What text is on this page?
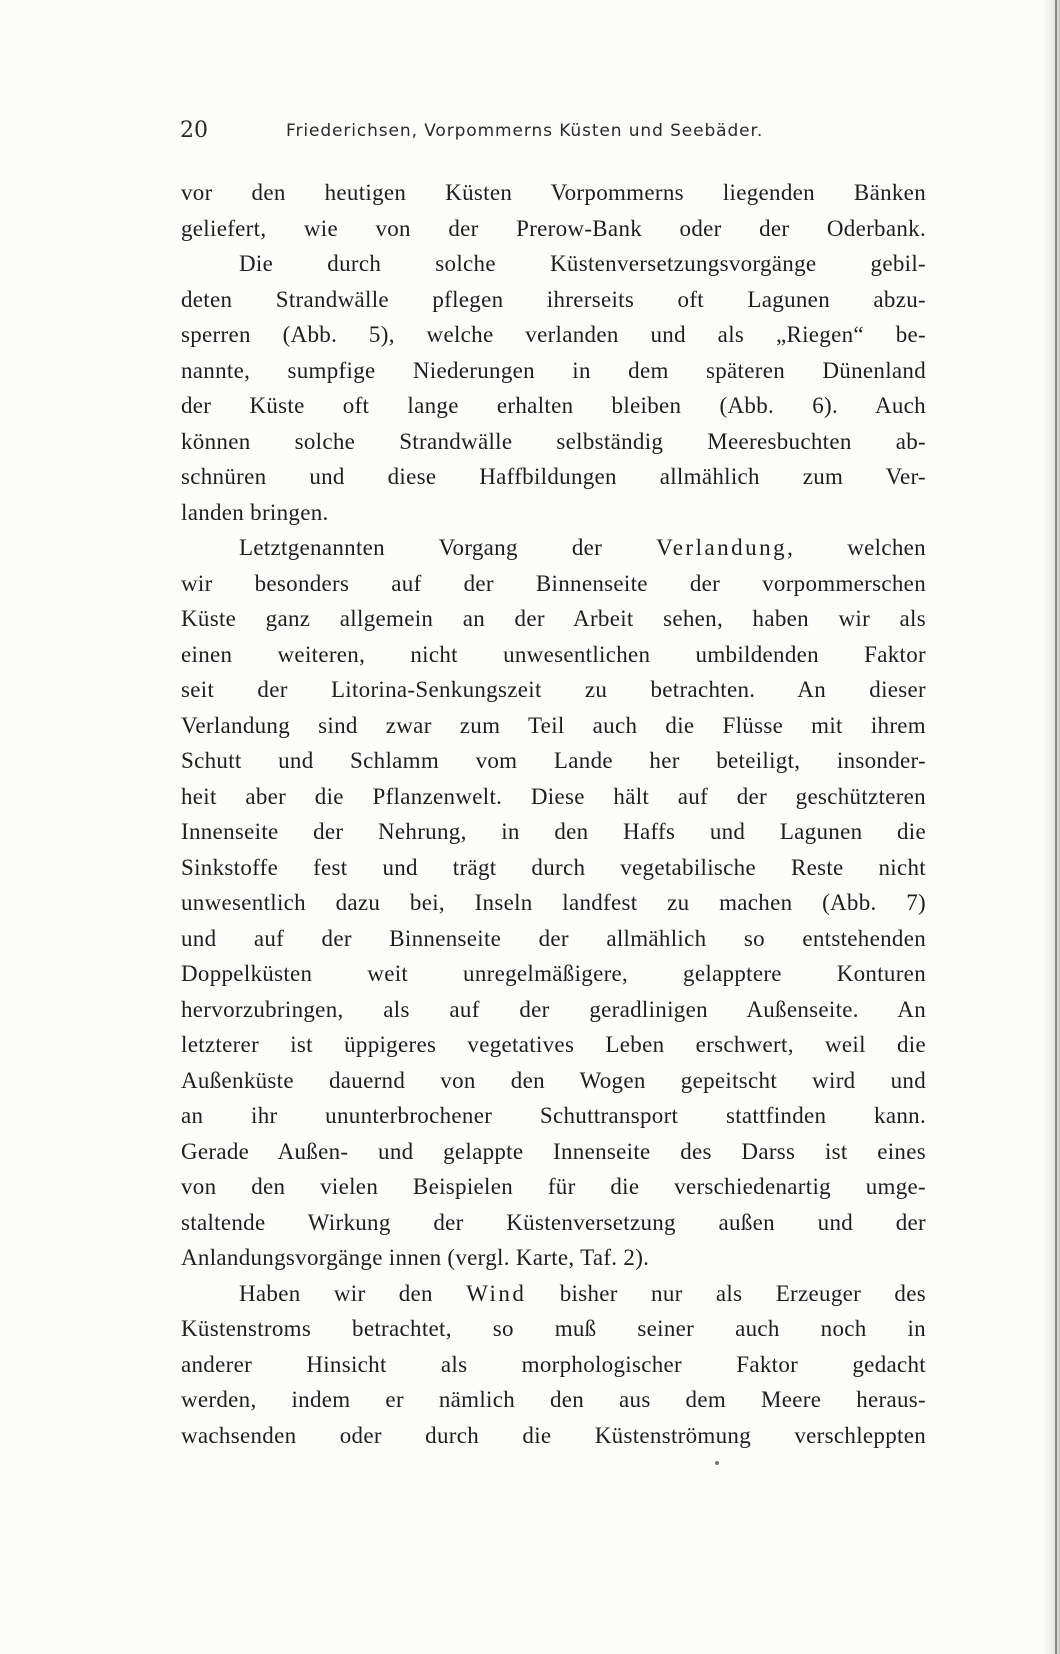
20	Friederichsen, Vorpommerns Küsten und Seebäder.
vor den heutigen Küsten Vorpommerns liegenden Bänken
geliefert, wie von der Prerow-Bank oder der Oderbank.
Die durch solche Küstenversetzungsvorgänge gebil-
deten Strandwälle pflegen ihrerseits oft Lagunen abzu-
sperren (Abb. 5), welche verlanden und als „Riegen“ be-
nannte, sumpfige Niederungen in dem späteren Dünenland
der Küste oft lange erhalten bleiben (Abb. 6). Auch
können solche Strandwälle selbständig Meeresbuchten ab-
schnüren und diese Haffbildungen allmählich zum Ver-
landen bringen.
Letztgenannten Vorgang der Verlandung, welchen
wir besonders auf der Binnenseite der vorpommerschen
Küste ganz allgemein an der Arbeit sehen, haben wir als
einen weiteren, nicht unwesentlichen umbildenden Faktor
seit der Litorina-Senkungszeit zu betrachten. An dieser
Verlandung sind zwar zum Teil auch die Flüsse mit ihrem
Schutt und Schlamm vom Lande her beteiligt, insonder-
heit aber die Pflanzenwelt. Diese hält auf der geschützteren
Innenseite der Nehrung, in den Haffs und Lagunen die
Sinkstoffe fest und trägt durch vegetabilische Reste nicht
unwesentlich dazu bei, Inseln landfest zu machen (Abb. 7)
und auf der Binnenseite der allmählich so entstehenden
Doppelküsten weit unregelmäßigere, gelapptere Konturen
hervorzubringen, als auf der geradlinigen Außenseite. An
letzterer ist üppigeres vegetatives Leben erschwert, weil die
Außenküste dauernd von den Wogen gepeitscht wird und
an ihr ununterbrochener Schuttransport stattfinden kann.
Gerade Außen- und gelappte Innenseite des Darss ist eines
von den vielen Beispielen für die verschiedenartig umge-
staltende Wirkung der Küstenversetzung außen und der
Anlandungsvorgänge innen (vergl. Karte, Taf. 2).
Haben wir den Wind bisher nur als Erzeuger des
Küstenstroms betrachtet, so muß seiner auch noch in
anderer Hinsicht als morphologischer Faktor gedacht
werden, indem er nämlich den aus dem Meere heraus-
wachsenden oder durch die Küstenströmung verschleppten
